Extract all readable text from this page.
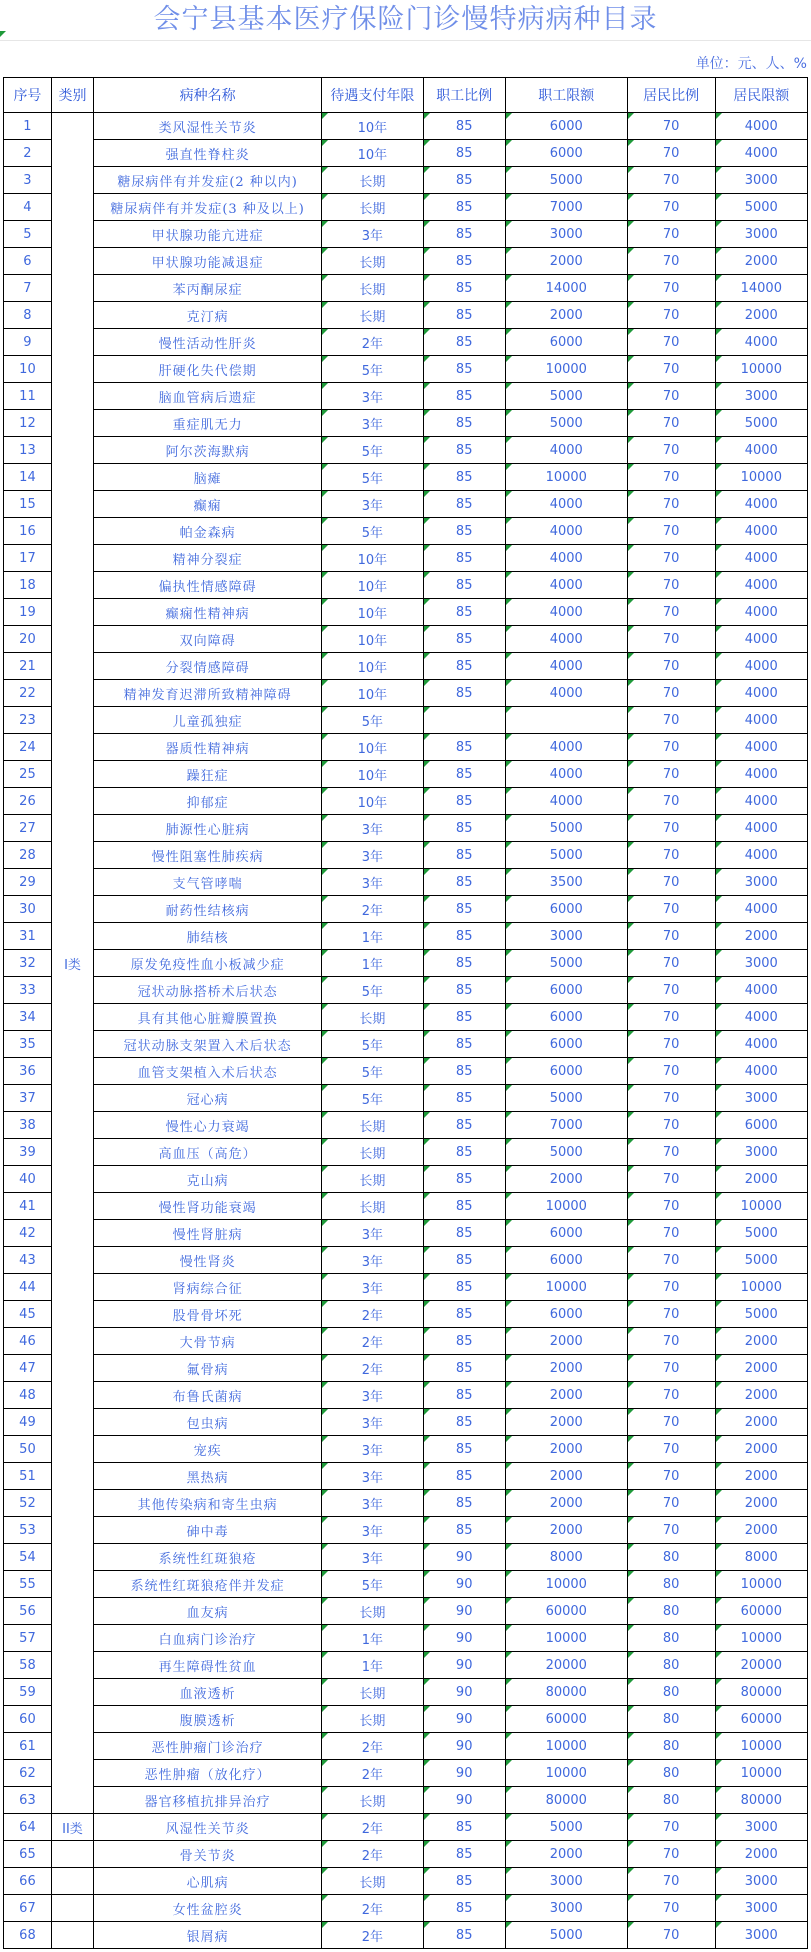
会宁县基本医疗保险门诊慢特病病种目录
单位：元、人、%
序号	类别	病种名称	待遇支付年限	职工比例	职工限额	居民比例	居民限额
1	I类	类风湿性关节炎	10年	85	6000	70	4000
2		强直性脊柱炎	10年	85	6000	70	4000
3		糖尿病伴有并发症(2 种以内)	长期	85	5000	70	3000
4		糖尿病伴有并发症(3 种及以上)	长期	85	7000	70	5000
5		甲状腺功能亢进症	3年	85	3000	70	3000
6		甲状腺功能减退症	长期	85	2000	70	2000
7		苯丙酮尿症	长期	85	14000	70	14000
8		克汀病	长期	85	2000	70	2000
9		慢性活动性肝炎	2年	85	6000	70	4000
10		肝硬化失代偿期	5年	85	10000	70	10000
11		脑血管病后遗症	3年	85	5000	70	3000
12		重症肌无力	3年	85	5000	70	5000
13		阿尔茨海默病	5年	85	4000	70	4000
14		脑瘫	5年	85	10000	70	10000
15		癫痫	3年	85	4000	70	4000
16		帕金森病	5年	85	4000	70	4000
17		精神分裂症	10年	85	4000	70	4000
18		偏执性情感障碍	10年	85	4000	70	4000
19		癫痫性精神病	10年	85	4000	70	4000
20		双向障碍	10年	85	4000	70	4000
21		分裂情感障碍	10年	85	4000	70	4000
22		精神发育迟滞所致精神障碍	10年	85	4000	70	4000
23		儿童孤独症	5年			70	4000
24		器质性精神病	10年	85	4000	70	4000
25		躁狂症	10年	85	4000	70	4000
26		抑郁症	10年	85	4000	70	4000
27		肺源性心脏病	3年	85	5000	70	4000
28		慢性阻塞性肺疾病	3年	85	5000	70	4000
29		支气管哮喘	3年	85	3500	70	3000
30		耐药性结核病	2年	85	6000	70	4000
31		肺结核	1年	85	3000	70	2000
32		原发免疫性血小板减少症	1年	85	5000	70	3000
33		冠状动脉搭桥术后状态	5年	85	6000	70	4000
34		具有其他心脏瓣膜置换	长期	85	6000	70	4000
35		冠状动脉支架置入术后状态	5年	85	6000	70	4000
36		血管支架植入术后状态	5年	85	6000	70	4000
37		冠心病	5年	85	5000	70	3000
38		慢性心力衰竭	长期	85	7000	70	6000
39		高血压（高危）	长期	85	5000	70	3000
40		克山病	长期	85	2000	70	2000
41		慢性肾功能衰竭	长期	85	10000	70	10000
42		慢性肾脏病	3年	85	6000	70	5000
43		慢性肾炎	3年	85	6000	70	5000
44		肾病综合征	3年	85	10000	70	10000
45		股骨骨坏死	2年	85	6000	70	5000
46		大骨节病	2年	85	2000	70	2000
47		氟骨病	2年	85	2000	70	2000
48		布鲁氏菌病	3年	85	2000	70	2000
49		包虫病	3年	85	2000	70	2000
50		宠疾	3年	85	2000	70	2000
51		黑热病	3年	85	2000	70	2000
52		其他传染病和寄生虫病	3年	85	2000	70	2000
53		砷中毒	3年	85	2000	70	2000
54		系统性红斑狼疮	3年	90	8000	80	8000
55		系统性红斑狼疮伴并发症	5年	90	10000	80	10000
56		血友病	长期	90	60000	80	60000
57		白血病门诊治疗	1年	90	10000	80	10000
58		再生障碍性贫血	1年	90	20000	80	20000
59		血液透析	长期	90	80000	80	80000
60		腹膜透析	长期	90	60000	80	60000
61		恶性肿瘤门诊治疗	2年	90	10000	80	10000
62		恶性肿瘤（放化疗）	2年	90	10000	80	10000
63		器官移植抗排异治疗	长期	90	80000	80	80000
64	II类	风湿性关节炎	2年	85	5000	70	3000
65		骨关节炎	2年	85	2000	70	2000
66		心肌病	长期	85	3000	70	3000
67		女性盆腔炎	2年	85	3000	70	3000
68		银屑病	2年	85	5000	70	3000
